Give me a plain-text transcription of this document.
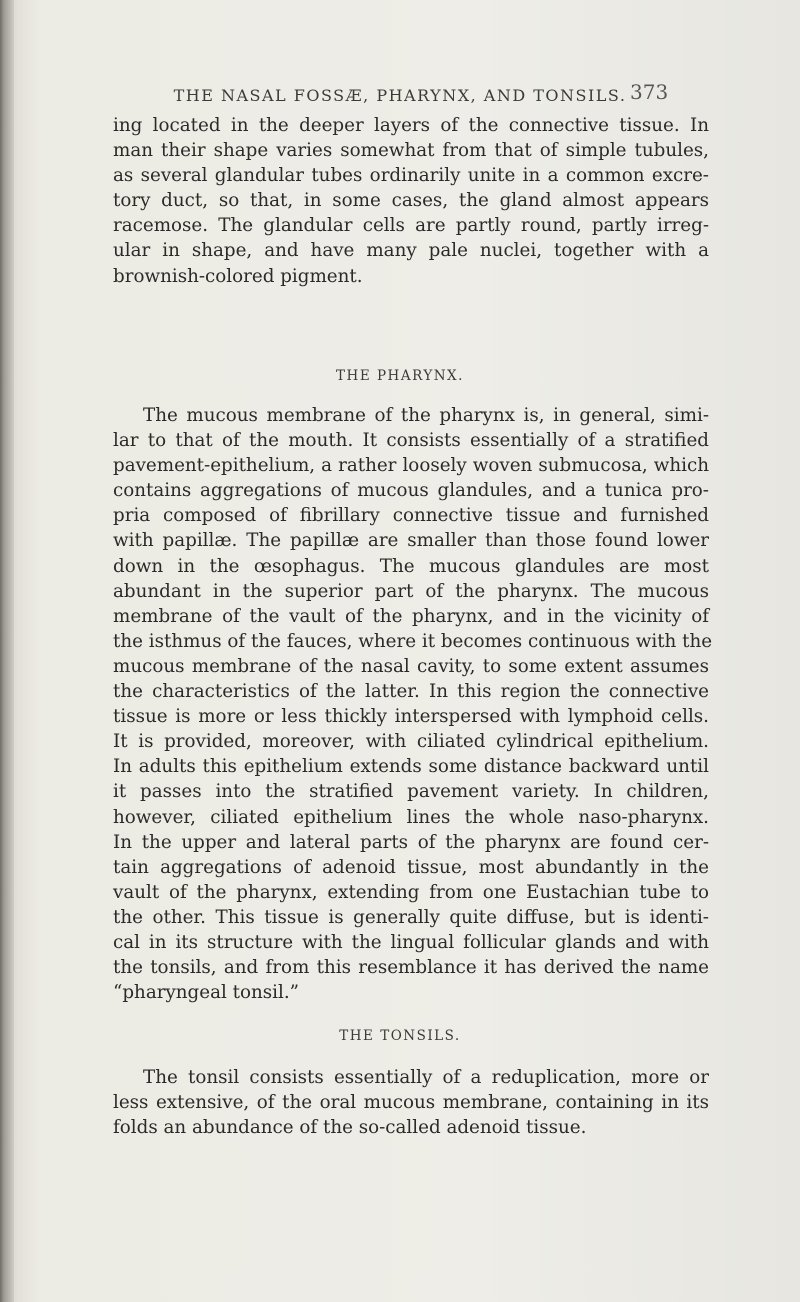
THE NASAL FOSSÆ, PHARYNX, AND TONSILS. 373
ing located in the deeper layers of the connective tissue. In
man their shape varies somewhat from that of simple tubules,
as several glandular tubes ordinarily unite in a common excre-
tory duct, so that, in some cases, the gland almost appears
racemose. The glandular cells are partly round, partly irreg-
ular in shape, and have many pale nuclei, together with a
brownish-colored pigment.
THE PHARYNX.
The mucous membrane of the pharynx is, in general, simi-
lar to that of the mouth. It consists essentially of a stratified
pavement-epithelium, a rather loosely woven submucosa, which
contains aggregations of mucous glandules, and a tunica pro-
pria composed of fibrillary connective tissue and furnished
with papillæ. The papillæ are smaller than those found lower
down in the œsophagus. The mucous glandules are most
abundant in the superior part of the pharynx. The mucous
membrane of the vault of the pharynx, and in the vicinity of
the isthmus of the fauces, where it becomes continuous with the
mucous membrane of the nasal cavity, to some extent assumes
the characteristics of the latter. In this region the connective
tissue is more or less thickly interspersed with lymphoid cells.
It is provided, moreover, with ciliated cylindrical epithelium.
In adults this epithelium extends some distance backward until
it passes into the stratified pavement variety. In children,
however, ciliated epithelium lines the whole naso-pharynx.
In the upper and lateral parts of the pharynx are found cer-
tain aggregations of adenoid tissue, most abundantly in the
vault of the pharynx, extending from one Eustachian tube to
the other. This tissue is generally quite diffuse, but is identi-
cal in its structure with the lingual follicular glands and with
the tonsils, and from this resemblance it has derived the name
“pharyngeal tonsil.”
THE TONSILS.
The tonsil consists essentially of a reduplication, more or
less extensive, of the oral mucous membrane, containing in its
folds an abundance of the so-called adenoid tissue.
